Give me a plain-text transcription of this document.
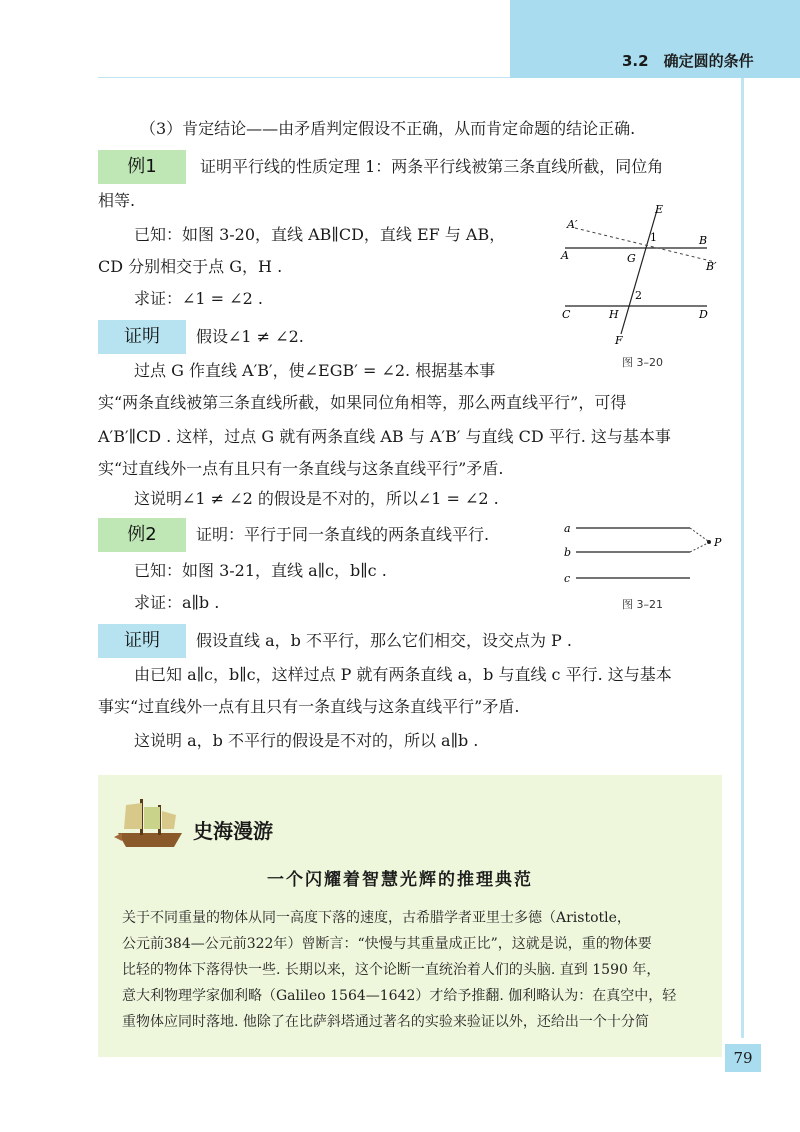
3.2　确定圆的条件
（3）肯定结论——由矛盾判定假设不正确，从而肯定命题的结论正确.
例1	证明平行线的性质定理 1：两条平行线被第三条直线所截，同位角
相等.
已知：如图 3-20，直线 AB∥CD，直线 EF 与 AB，
CD 分别相交于点 G，H .
求证：∠1 = ∠2 .
证明	假设∠1 ≠ ∠2.
过点 G 作直线 A′B′，使∠EGB′ = ∠2. 根据基本事
实“两条直线被第三条直线所截，如果同位角相等，那么两直线平行”，可得
A′B′∥CD . 这样，过点 G 就有两条直线 AB 与 A′B′ 与直线 CD 平行. 这与基本事
实“过直线外一点有且只有一条直线与这条直线平行”矛盾.
这说明∠1 ≠ ∠2 的假设是不对的，所以∠1 = ∠2 .
E
A′
1	B
A	G
B′
2
C	H	D
F
图 3–20
例2	证明：平行于同一条直线的两条直线平行.
已知：如图 3-21，直线 a∥c，b∥c .
求证：a∥b .
a
b
c
P
图 3–21
证明	假设直线 a，b 不平行，那么它们相交，设交点为 P .
由已知 a∥c，b∥c，这样过点 P 就有两条直线 a，b 与直线 c 平行. 这与基本
事实“过直线外一点有且只有一条直线与这条直线平行”矛盾.
这说明 a，b 不平行的假设是不对的，所以 a∥b .
史海漫游
一个闪耀着智慧光辉的推理典范
关于不同重量的物体从同一高度下落的速度，古希腊学者亚里士多德（Aristotle，
公元前384—公元前322年）曾断言：“快慢与其重量成正比”，这就是说，重的物体要
比轻的物体下落得快一些. 长期以来，这个论断一直统治着人们的头脑. 直到 1590 年，
意大利物理学家伽利略（Galileo 1564—1642）才给予推翻. 伽利略认为：在真空中，轻
重物体应同时落地. 他除了在比萨斜塔通过著名的实验来验证以外，还给出一个十分简
79
